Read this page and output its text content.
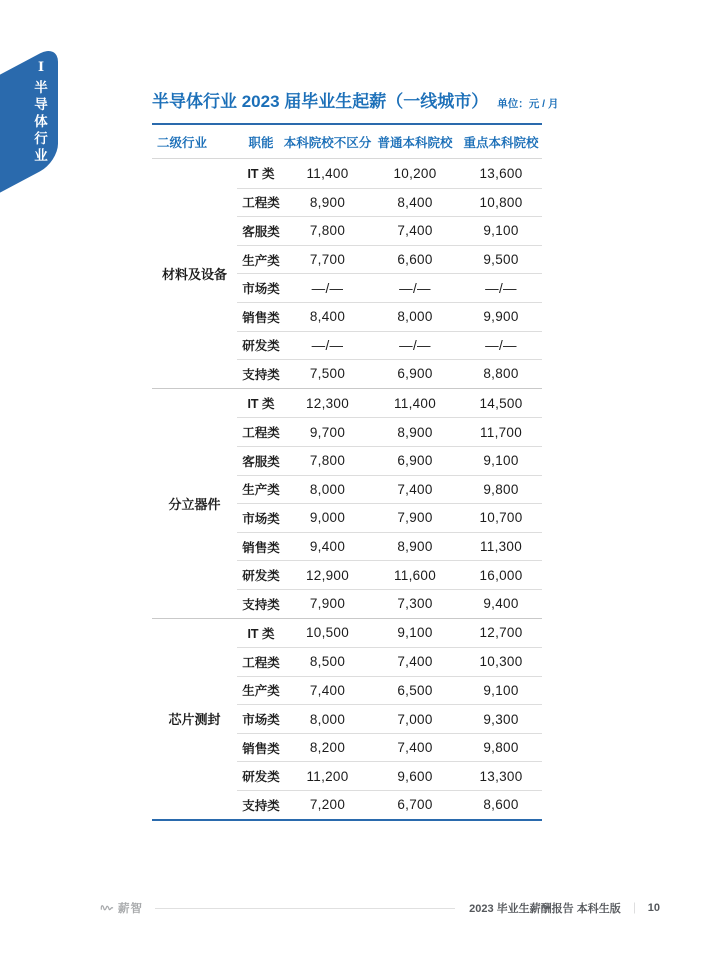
I
半
导
体
行
业
半导体行业 2023 届毕业生起薪（一线城市） 单位：元 / 月
二级行业	职能 本科院校不区分 普通本科院校 重点本科院校
材料及设备
IT 类	11,400	10,200	13,600
工程类	8,900	8,400	10,800
客服类	7,800	7,400	9,100
生产类	7,700	6,600	9,500
市场类	—/—	—/—	—/—
销售类	8,400	8,000	9,900
研发类	—/—	—/—	—/—
支持类	7,500	6,900	8,800
分立器件
IT 类	12,300	11,400	14,500
工程类	9,700	8,900	11,700
客服类	7,800	6,900	9,100
生产类	8,000	7,400	9,800
市场类	9,000	7,900	10,700
销售类	9,400	8,900	11,300
研发类	12,900	11,600	16,000
支持类	7,900	7,300	9,400
芯片测封
IT 类	10,500	9,100	12,700
工程类	8,500	7,400	10,300
生产类	7,400	6,500	9,100
市场类	8,000	7,000	9,300
销售类	8,200	7,400	9,800
研发类	11,200	9,600	13,300
支持类	7,200	6,700	8,600
薪智	2023 毕业生薪酬报告 本科生版 ｜ 10
